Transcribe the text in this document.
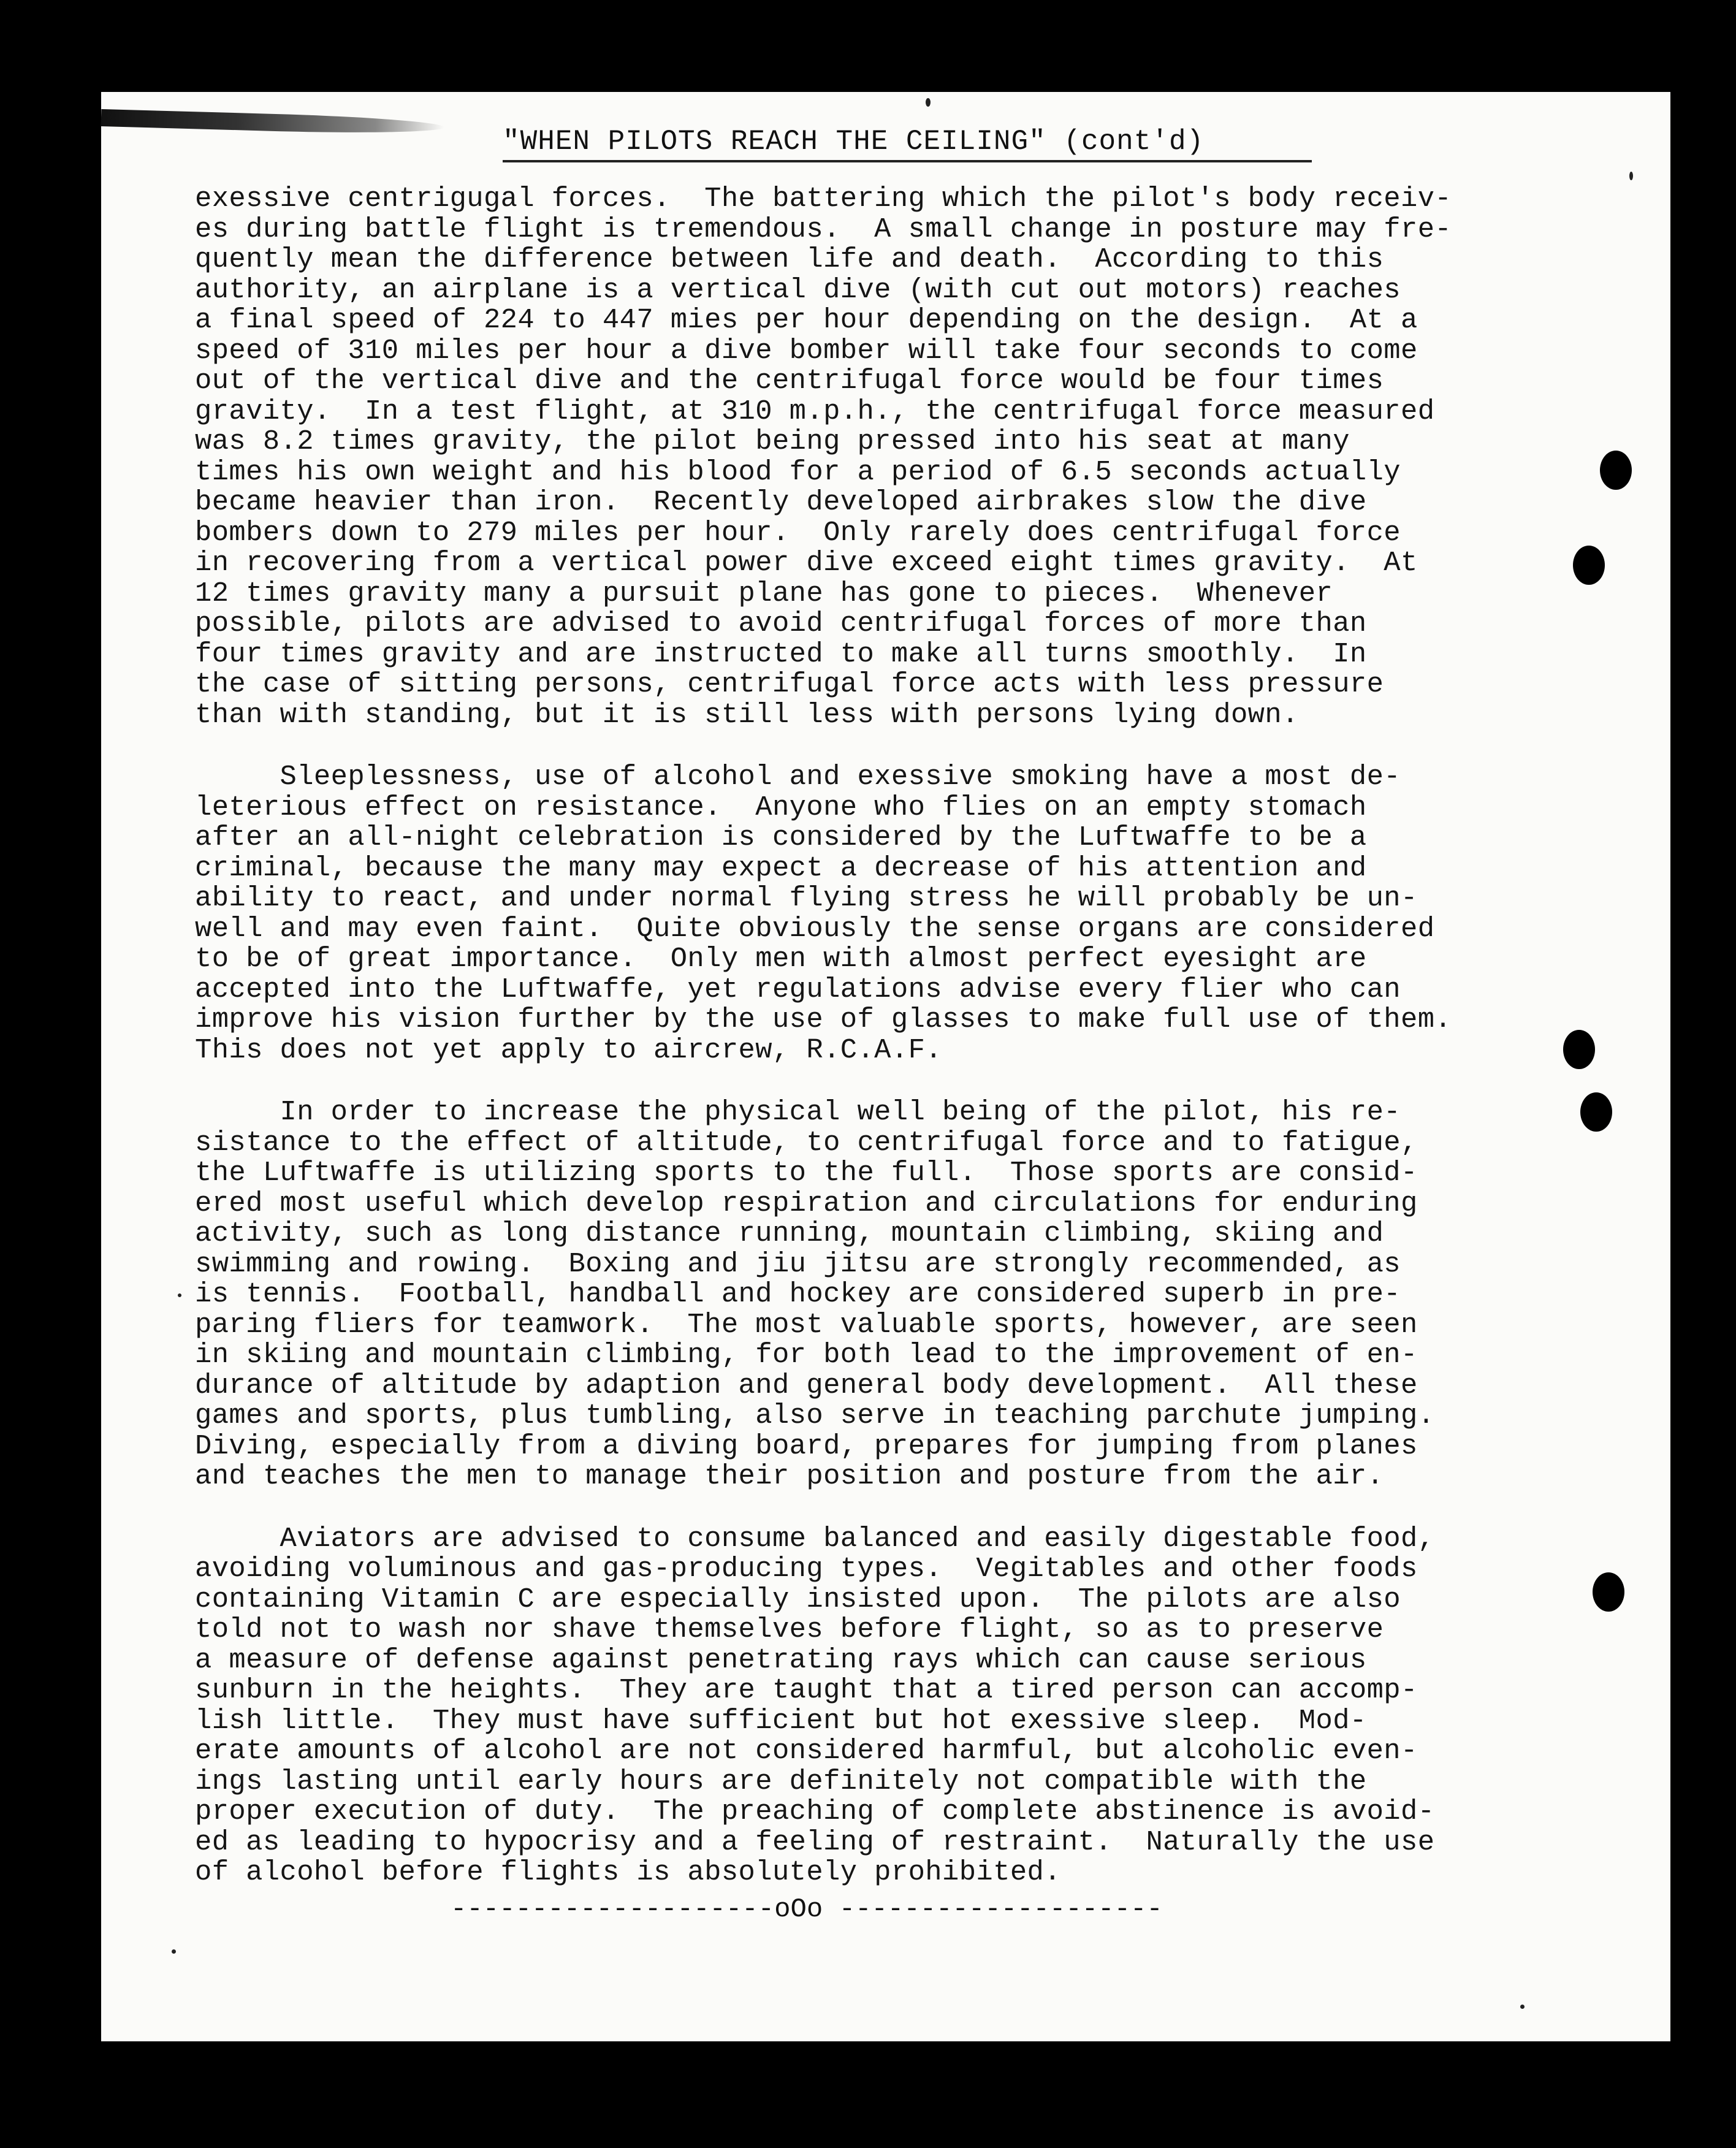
"WHEN PILOTS REACH THE CEILING" (cont'd)
exessive centrigugal forces.  The battering which the pilot's body receiv-
es during battle flight is tremendous.  A small change in posture may fre-
quently mean the difference between life and death.  According to this
authority, an airplane is a vertical dive (with cut out motors) reaches
a final speed of 224 to 447 mies per hour depending on the design.  At a
speed of 310 miles per hour a dive bomber will take four seconds to come
out of the vertical dive and the centrifugal force would be four times
gravity.  In a test flight, at 310 m.p.h., the centrifugal force measured
was 8.2 times gravity, the pilot being pressed into his seat at many
times his own weight and his blood for a period of 6.5 seconds actually
became heavier than iron.  Recently developed airbrakes slow the dive
bombers down to 279 miles per hour.  Only rarely does centrifugal force
in recovering from a vertical power dive exceed eight times gravity.  At
12 times gravity many a pursuit plane has gone to pieces.  Whenever
possible, pilots are advised to avoid centrifugal forces of more than
four times gravity and are instructed to make all turns smoothly.  In
the case of sitting persons, centrifugal force acts with less pressure
than with standing, but it is still less with persons lying down.
Sleeplessness, use of alcohol and exessive smoking have a most de-
leterious effect on resistance.  Anyone who flies on an empty stomach
after an all-night celebration is considered by the Luftwaffe to be a
criminal, because the many may expect a decrease of his attention and
ability to react, and under normal flying stress he will probably be un-
well and may even faint.  Quite obviously the sense organs are considered
to be of great importance.  Only men with almost perfect eyesight are
accepted into the Luftwaffe, yet regulations advise every flier who can
improve his vision further by the use of glasses to make full use of them.
This does not yet apply to aircrew, R.C.A.F.
In order to increase the physical well being of the pilot, his re-
sistance to the effect of altitude, to centrifugal force and to fatigue,
the Luftwaffe is utilizing sports to the full.  Those sports are consid-
ered most useful which develop respiration and circulations for enduring
activity, such as long distance running, mountain climbing, skiing and
swimming and rowing.  Boxing and jiu jitsu are strongly recommended, as
is tennis.  Football, handball and hockey are considered superb in pre-
paring fliers for teamwork.  The most valuable sports, however, are seen
in skiing and mountain climbing, for both lead to the improvement of en-
durance of altitude by adaption and general body development.  All these
games and sports, plus tumbling, also serve in teaching parchute jumping.
Diving, especially from a diving board, prepares for jumping from planes
and teaches the men to manage their position and posture from the air.
Aviators are advised to consume balanced and easily digestable food,
avoiding voluminous and gas-producing types.  Vegitables and other foods
containing Vitamin C are especially insisted upon.  The pilots are also
told not to wash nor shave themselves before flight, so as to preserve
a measure of defense against penetrating rays which can cause serious
sunburn in the heights.  They are taught that a tired person can accomp-
lish little.  They must have sufficient but hot exessive sleep.  Mod-
erate amounts of alcohol are not considered harmful, but alcoholic even-
ings lasting until early hours are definitely not compatible with the
proper execution of duty.  The preaching of complete abstinence is avoid-
ed as leading to hypocrisy and a feeling of restraint.  Naturally the use
of alcohol before flights is absolutely prohibited.
--------------------oOo --------------------
